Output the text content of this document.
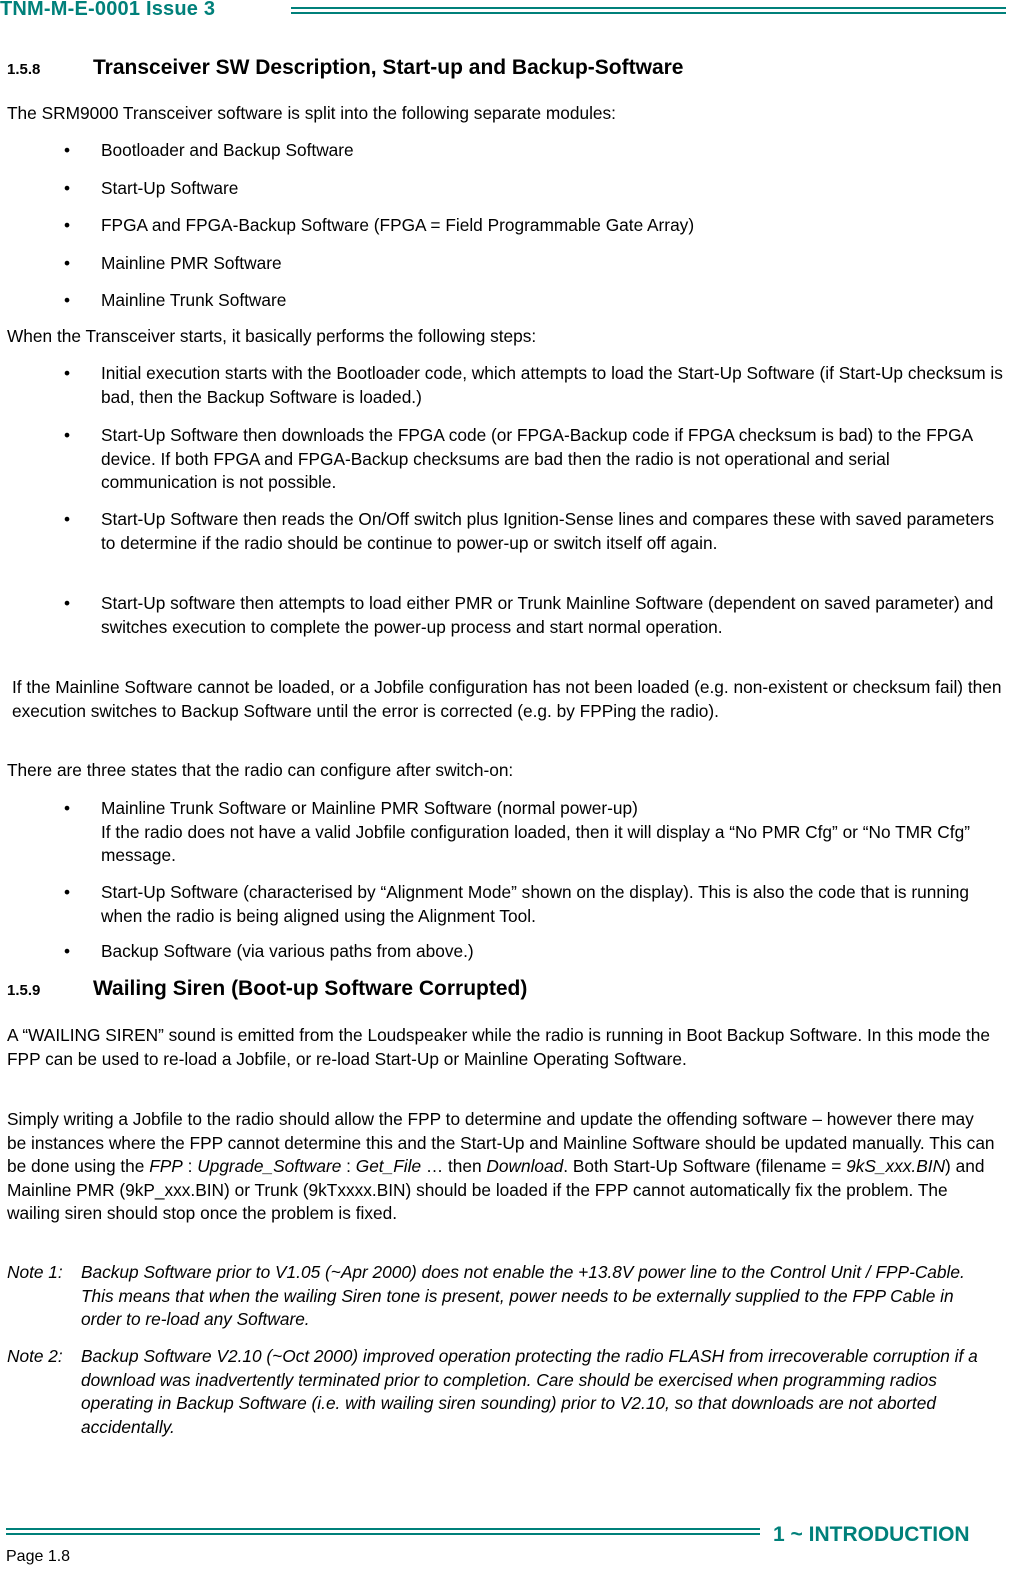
TNM-M-E-0001 Issue 3
1.5.8	Transceiver SW Description, Start-up and Backup-Software
The SRM9000 Transceiver software is split into the following separate modules:
• Bootloader and Backup Software
• Start-Up Software
• FPGA and FPGA-Backup Software (FPGA = Field Programmable Gate Array)
• Mainline PMR Software
• Mainline Trunk Software
When the Transceiver starts, it basically performs the following steps:
• Initial execution starts with the Bootloader code, which attempts to load the Start-Up Software (if Start-Up checksum is bad, then the Backup Software is loaded.)
• Start-Up Software then downloads the FPGA code (or FPGA-Backup code if FPGA checksum is bad) to the FPGA device. If both FPGA and FPGA-Backup checksums are bad then the radio is not operational and serial communication is not possible.
• Start-Up Software then reads the On/Off switch plus Ignition-Sense lines and compares these with saved parameters to determine if the radio should be continue to power-up or switch itself off again.
• Start-Up software then attempts to load either PMR or Trunk Mainline Software (dependent on saved parameter) and switches execution to complete the power-up process and start normal operation.
If the Mainline Software cannot be loaded, or a Jobfile configuration has not been loaded (e.g. non-existent or checksum fail) then execution switches to Backup Software until the error is corrected (e.g. by FPPing the radio).
There are three states that the radio can configure after switch-on:
• Mainline Trunk Software or Mainline PMR Software (normal power-up)
If the radio does not have a valid Jobfile configuration loaded, then it will display a “No PMR Cfg” or “No TMR Cfg” message.
• Start-Up Software (characterised by “Alignment Mode” shown on the display). This is also the code that is running when the radio is being aligned using the Alignment Tool.
• Backup Software (via various paths from above.)
1.5.9	Wailing Siren (Boot-up Software Corrupted)
A “WAILING SIREN” sound is emitted from the Loudspeaker while the radio is running in Boot Backup Software. In this mode the FPP can be used to re-load a Jobfile, or re-load Start-Up or Mainline Operating Software.
Simply writing a Jobfile to the radio should allow the FPP to determine and update the offending software – however there may be instances where the FPP cannot determine this and the Start-Up and Mainline Software should be updated manually. This can be done using the FPP : Upgrade_Software : Get_File … then Download. Both Start-Up Software (filename = 9kS_xxx.BIN) and Mainline PMR (9kP_xxx.BIN) or Trunk (9kTxxxx.BIN) should be loaded if the FPP cannot automatically fix the problem. The wailing siren should stop once the problem is fixed.
Note 1: Backup Software prior to V1.05 (~Apr 2000) does not enable the +13.8V power line to the Control Unit / FPP-Cable. This means that when the wailing Siren tone is present, power needs to be externally supplied to the FPP Cable in order to re-load any Software.
Note 2: Backup Software V2.10 (~Oct 2000) improved operation protecting the radio FLASH from irrecoverable corruption if a download was inadvertently terminated prior to completion. Care should be exercised when programming radios operating in Backup Software (i.e. with wailing siren sounding) prior to V2.10, so that downloads are not aborted accidentally.
1 ~ INTRODUCTION
Page 1.8
